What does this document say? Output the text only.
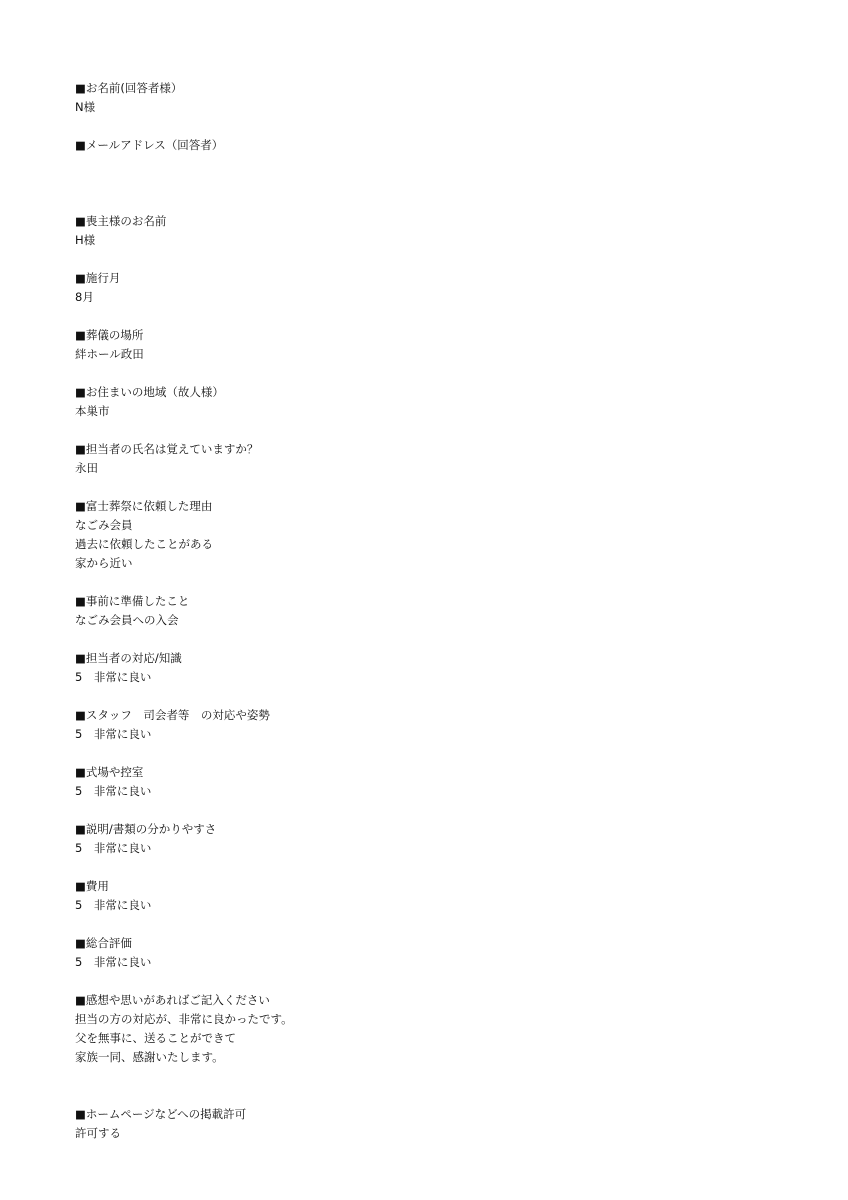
■お名前(回答者様）
N様
■メールアドレス（回答者）
■喪主様のお名前
H様
■施行月
8月
■葬儀の場所
絆ホール政田
■お住まいの地域（故人様）
本巣市
■担当者の氏名は覚えていますか？
永田
■富士葬祭に依頼した理由
なごみ会員
過去に依頼したことがある
家から近い
■事前に準備したこと
なごみ会員への入会
■担当者の対応/知識
5　非常に良い
■スタッフ　司会者等　の対応や姿勢
5　非常に良い
■式場や控室
5　非常に良い
■説明/書類の分かりやすさ
5　非常に良い
■費用
5　非常に良い
■総合評価
5　非常に良い
■感想や思いがあればご記入ください
担当の方の対応が、非常に良かったです。
父を無事に、送ることができて
家族一同、感謝いたします。
■ホームページなどへの掲載許可
許可する
